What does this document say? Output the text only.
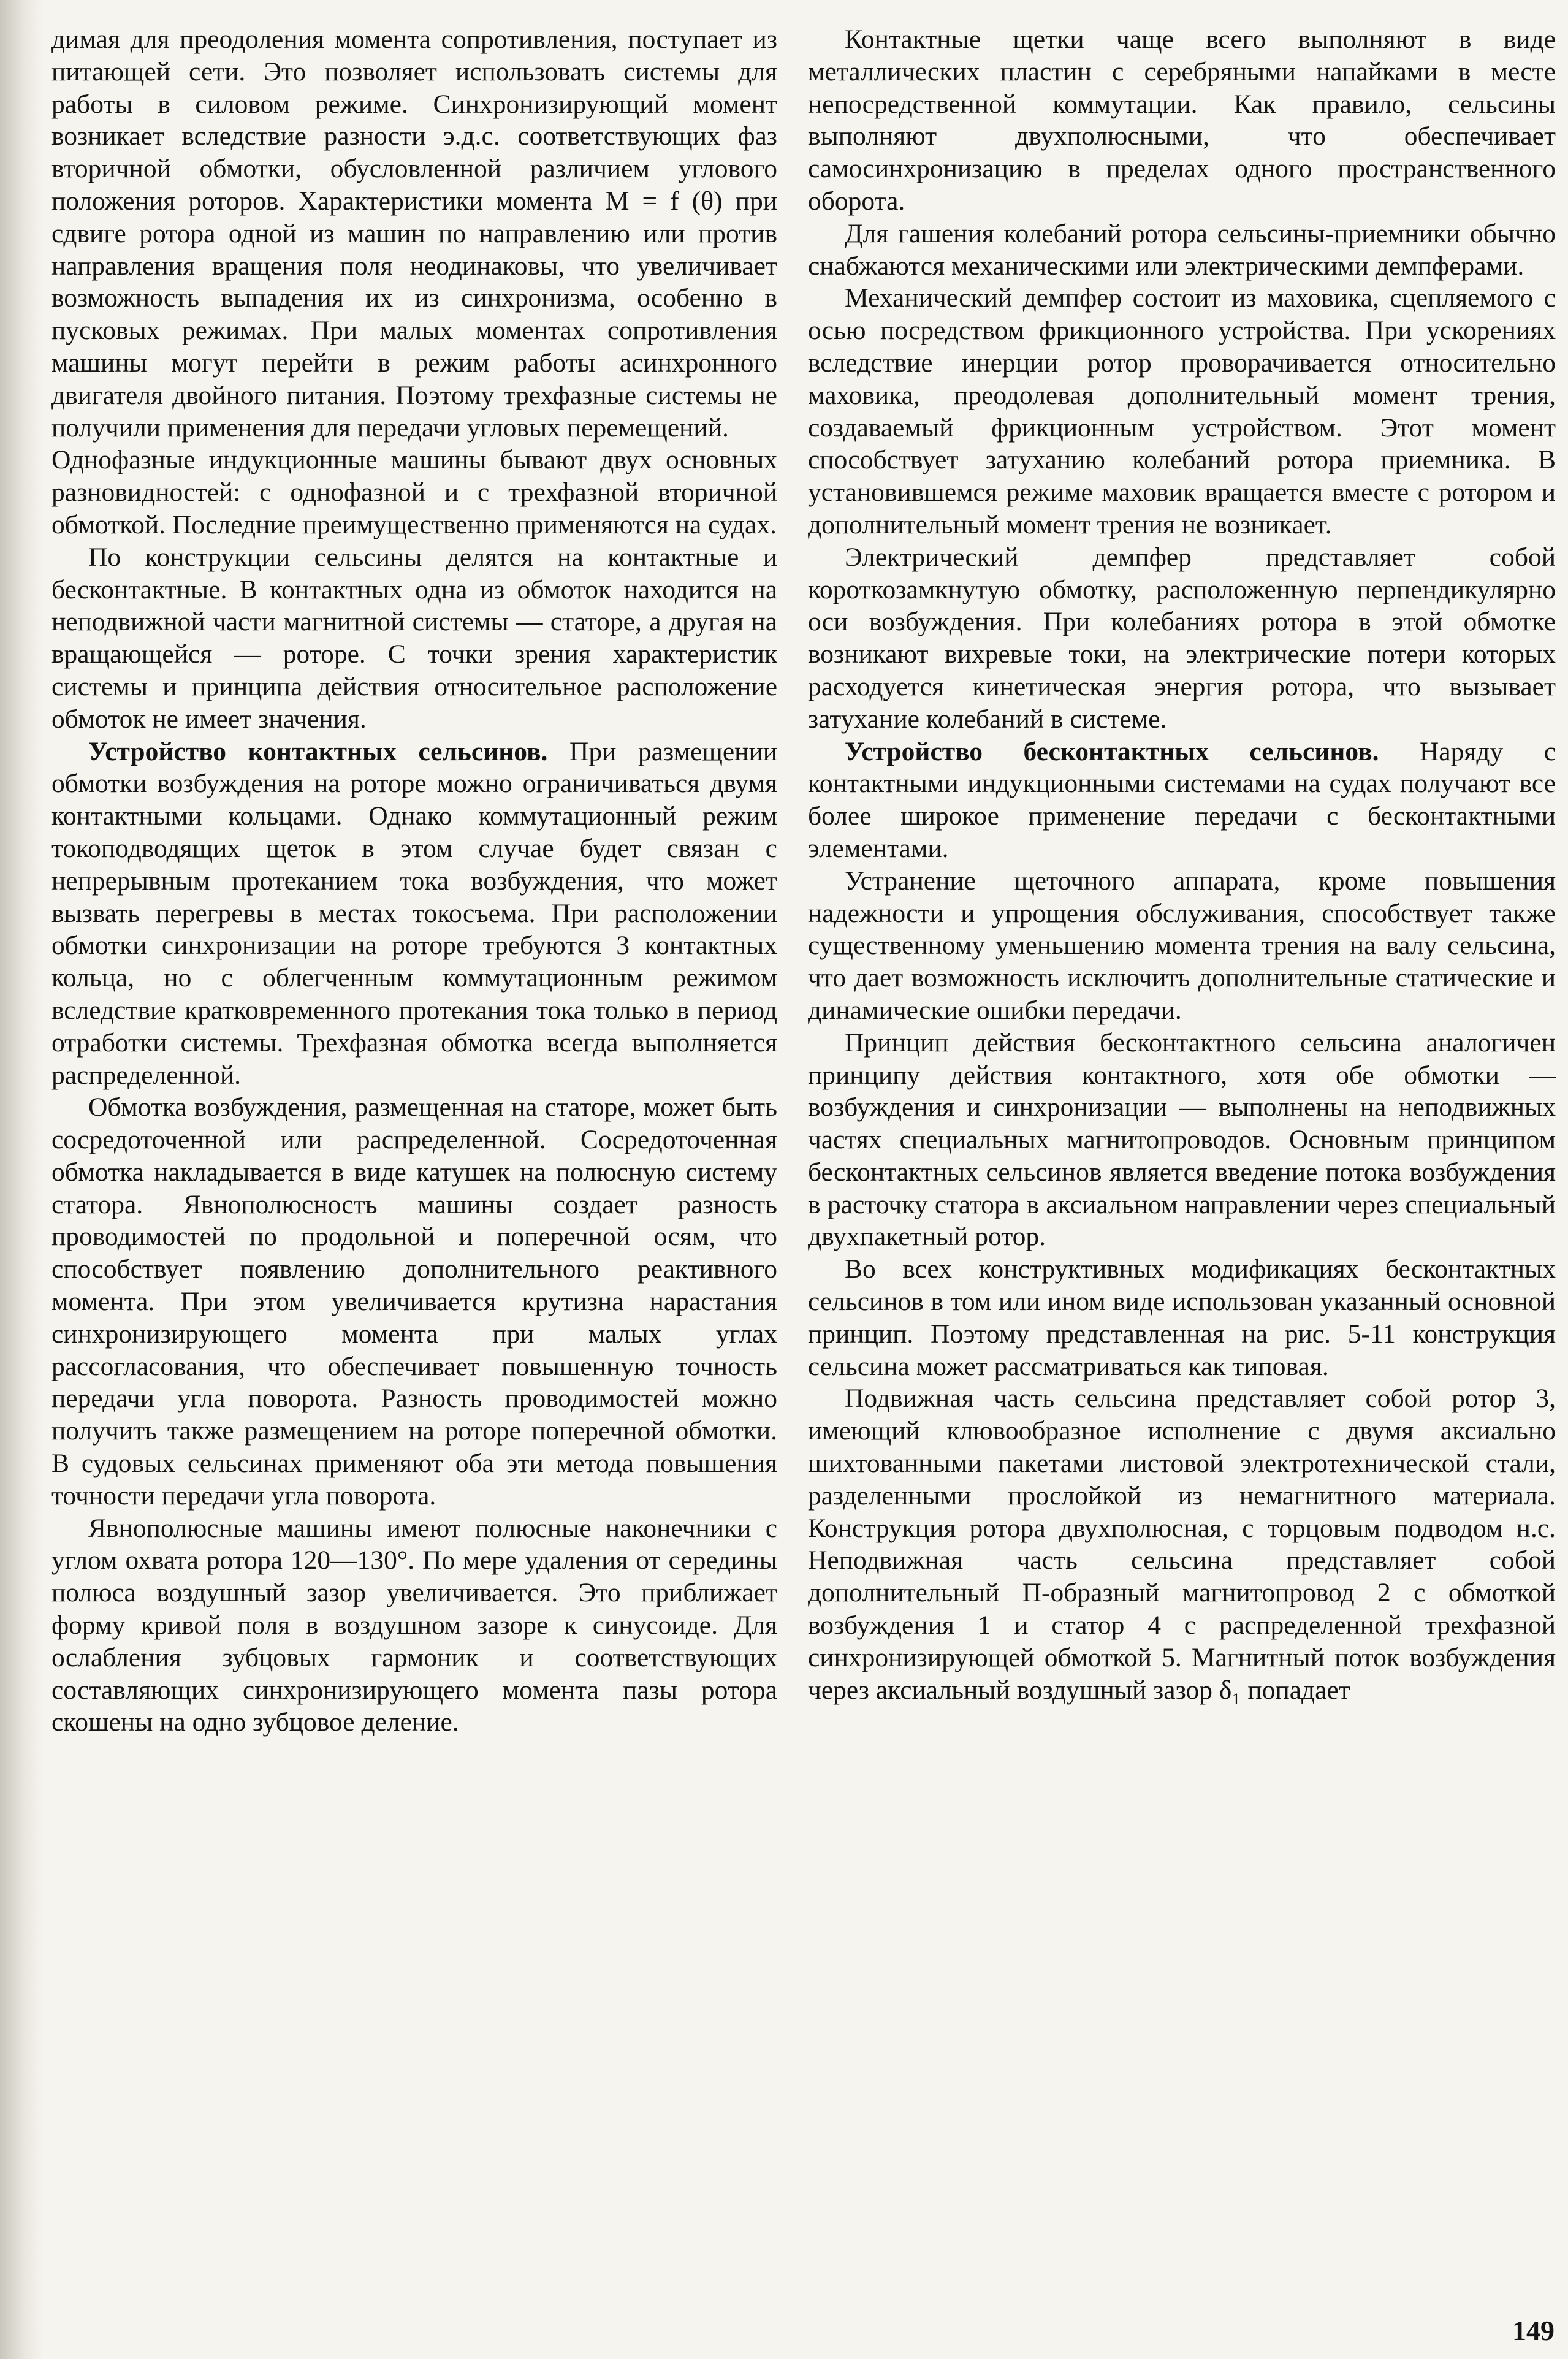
димая для преодоления момента сопротивления, поступает из питающей сети. Это позволяет использовать системы для работы в силовом режиме. Синхронизирующий момент возникает вследствие разности э.д.с. соответствующих фаз вторичной обмотки, обусловленной различием углового положения роторов. Характеристики момента M = f (θ) при сдвиге ротора одной из машин по направлению или против направления вращения поля неодинаковы, что увеличивает возможность выпадения их из синхронизма, особенно в пусковых режимах. При малых моментах сопротивления машины могут перейти в режим работы асинхронного двигателя двойного питания. Поэтому трехфазные системы не получили применения для передачи угловых перемещений.

Однофазные индукционные машины бывают двух основных разновидностей: с однофазной и с трехфазной вторичной обмоткой. Последние преимущественно применяются на судах.

По конструкции сельсины делятся на контактные и бесконтактные. В контактных одна из обмоток находится на неподвижной части магнитной системы — статоре, а другая на вращающейся — роторе. С точки зрения характеристик системы и принципа действия относительное расположение обмоток не имеет значения.

Устройство контактных сельсинов. При размещении обмотки возбуждения на роторе можно ограничиваться двумя контактными кольцами. Однако коммутационный режим токоподводящих щеток в этом случае будет связан с непрерывным протеканием тока возбуждения, что может вызвать перегревы в местах токосъема. При расположении обмотки синхронизации на роторе требуются 3 контактных кольца, но с облегченным коммутационным режимом вследствие кратковременного протекания тока только в период отработки системы. Трехфазная обмотка всегда выполняется распределенной.

Обмотка возбуждения, размещенная на статоре, может быть сосредоточенной или распределенной. Сосредоточенная обмотка накладывается в виде катушек на полюсную систему статора. Явнополюсность машины создает разность проводимостей по продольной и поперечной осям, что способствует появлению дополнительного реактивного момента. При этом увеличивается крутизна нарастания синхронизирующего момента при малых углах рассогласования, что обеспечивает повышенную точность передачи угла поворота. Разность проводимостей можно получить также размещением на роторе поперечной обмотки. В судовых сельсинах применяют оба эти метода повышения точности передачи угла поворота.

Явнополюсные машины имеют полюсные наконечники с углом охвата ротора 120—130°. По мере удаления от середины полюса воздушный зазор увеличивается. Это приближает форму кривой поля в воздушном зазоре к синусоиде. Для ослабления зубцовых гармоник и соответствующих составляющих синхронизирующего момента пазы ротора скошены на одно зубцовое деление.

Контактные щетки чаще всего выполняют в виде металлических пластин с серебряными напайками в месте непосредственной коммутации. Как правило, сельсины выполняют двухполюсными, что обеспечивает самосинхронизацию в пределах одного пространственного оборота.

Для гашения колебаний ротора сельсины-приемники обычно снабжаются механическими или электрическими демпферами.

Механический демпфер состоит из маховика, сцепляемого с осью посредством фрикционного устройства. При ускорениях вследствие инерции ротор проворачивается относительно маховика, преодолевая дополнительный момент трения, создаваемый фрикционным устройством. Этот момент способствует затуханию колебаний ротора приемника. В установившемся режиме маховик вращается вместе с ротором и дополнительный момент трения не возникает.

Электрический демпфер представляет собой короткозамкнутую обмотку, расположенную перпендикулярно оси возбуждения. При колебаниях ротора в этой обмотке возникают вихревые токи, на электрические потери которых расходуется кинетическая энергия ротора, что вызывает затухание колебаний в системе.

Устройство бесконтактных сельсинов. Наряду с контактными индукционными системами на судах получают все более широкое применение передачи с бесконтактными элементами.

Устранение щеточного аппарата, кроме повышения надежности и упрощения обслуживания, способствует также существенному уменьшению момента трения на валу сельсина, что дает возможность исключить дополнительные статические и динамические ошибки передачи.

Принцип действия бесконтактного сельсина аналогичен принципу действия контактного, хотя обе обмотки — возбуждения и синхронизации — выполнены на неподвижных частях специальных магнитопроводов. Основным принципом бесконтактных сельсинов является введение потока возбуждения в расточку статора в аксиальном направлении через специальный двухпакетный ротор.

Во всех конструктивных модификациях бесконтактных сельсинов в том или ином виде использован указанный основной принцип. Поэтому представленная на рис. 5-11 конструкция сельсина может рассматриваться как типовая.

Подвижная часть сельсина представляет собой ротор 3, имеющий клювообразное исполнение с двумя аксиально шихтованными пакетами листовой электротехнической стали, разделенными прослойкой из немагнитного материала. Конструкция ротора двухполюсная, с торцовым подводом н.с. Неподвижная часть сельсина представляет собой дополнительный П-образный магнитопровод 2 с обмоткой возбуждения 1 и статор 4 с распределенной трехфазной синхронизирующей обмоткой 5. Магнитный поток возбуждения через аксиальный воздушный зазор δ₁ попадает

149
